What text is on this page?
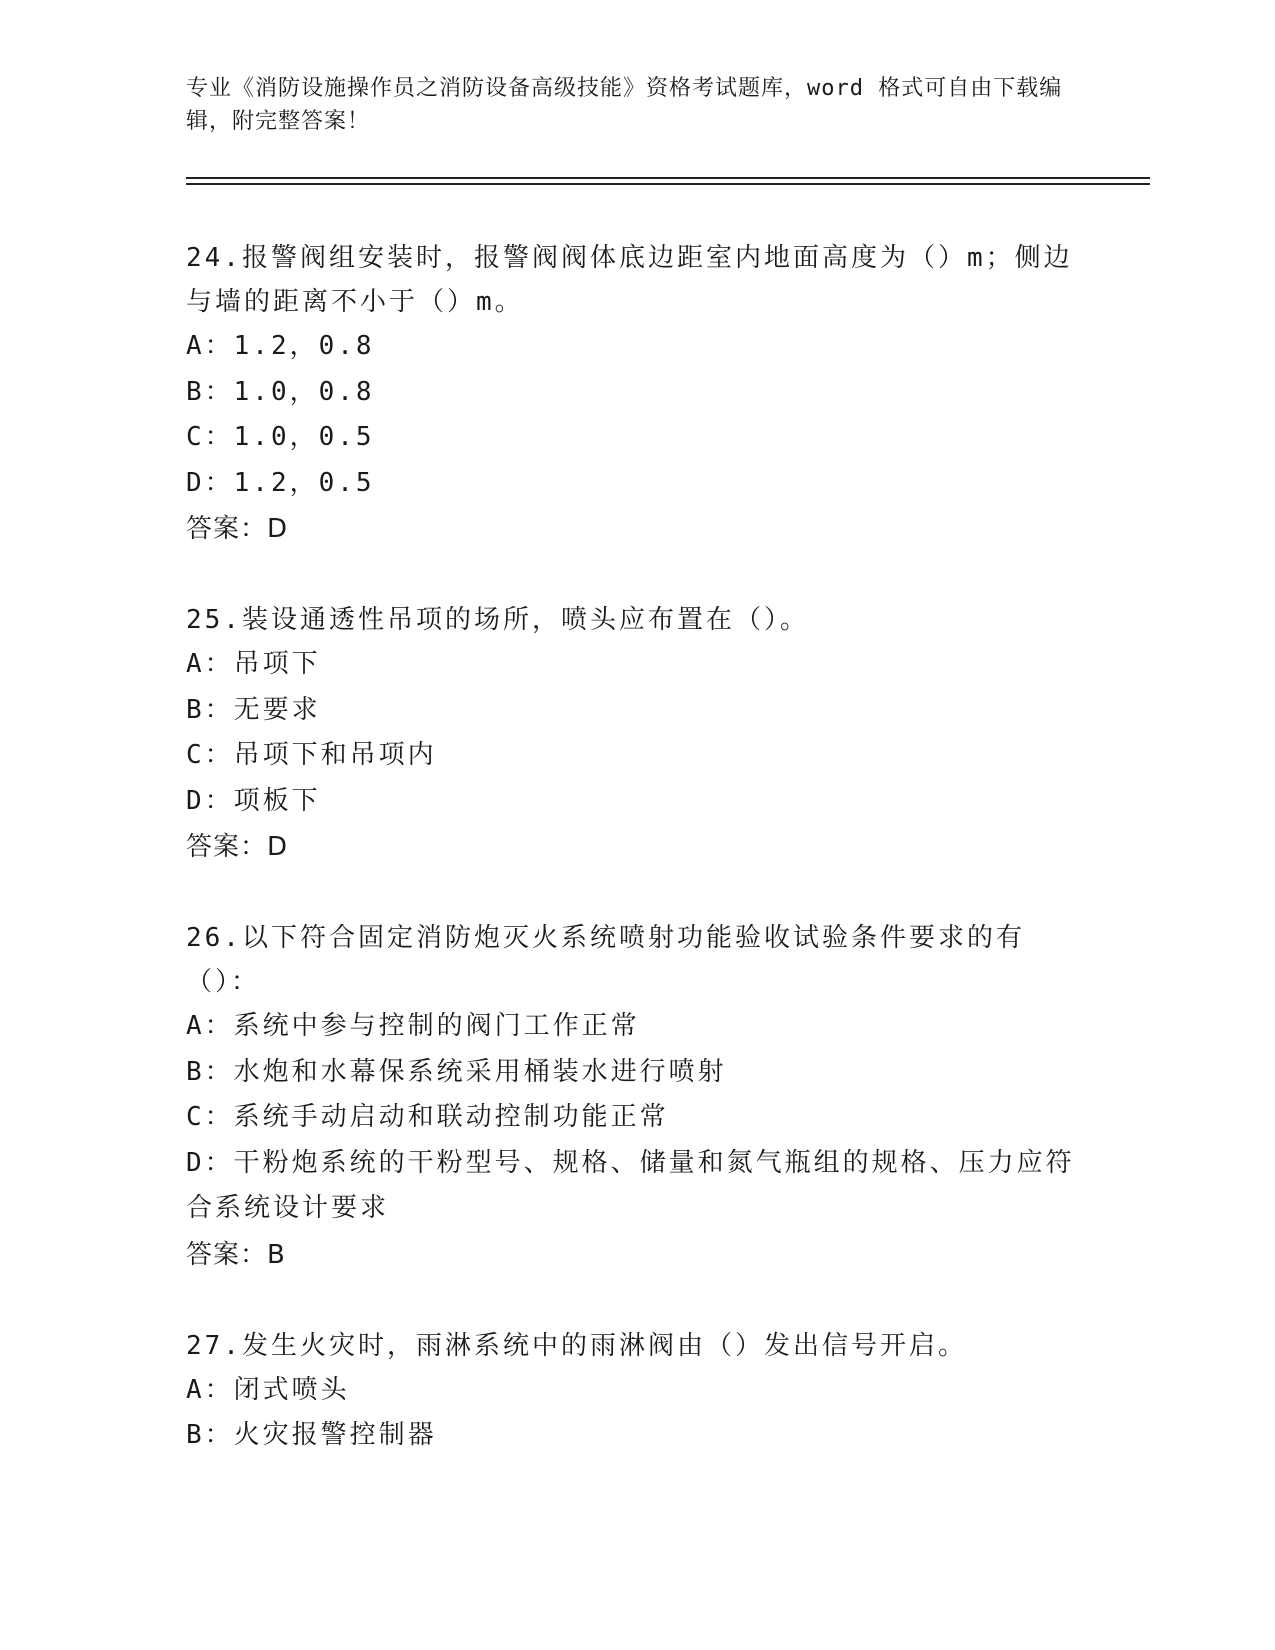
专业《消防设施操作员之消防设备高级技能》资格考试题库，word 格式可自由下载编辑，附完整答案！

24.报警阀组安装时，报警阀阀体底边距室内地面高度为（）m；侧边与墙的距离不小于（）m。

A：1.2，0.8

B：1.0，0.8

C：1.0，0.5

D：1.2，0.5

答案：D

25.装设通透性吊项的场所，喷头应布置在（）。

A：吊项下

B：无要求

C：吊项下和吊项内

D：项板下

答案：D

26.以下符合固定消防炮灭火系统喷射功能验收试验条件要求的有（）：

A：系统中参与控制的阀门工作正常

B：水炮和水幕保系统采用桶装水进行喷射

C：系统手动启动和联动控制功能正常

D：干粉炮系统的干粉型号、规格、储量和氮气瓶组的规格、压力应符合系统设计要求

答案：B

27.发生火灾时，雨淋系统中的雨淋阀由（）发出信号开启。

A：闭式喷头

B：火灾报警控制器
